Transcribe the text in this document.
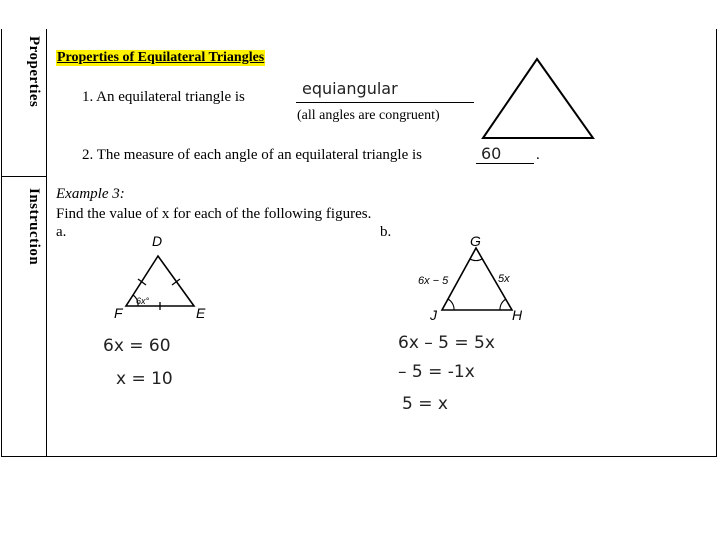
Properties
Instruction
Properties of Equilateral Triangles
1. An equilateral triangle is	equiangular
(all angles are congruent)
2. The measure of each angle of an equilateral triangle is	60 .
Example 3:
Find the value of x for each of the following figures.
a.	b.
D
F	E
6x°
G
J	H
6x − 5	5x
6x = 60
x = 10
6x – 5 = 5x
– 5 = -1x
5 = x
